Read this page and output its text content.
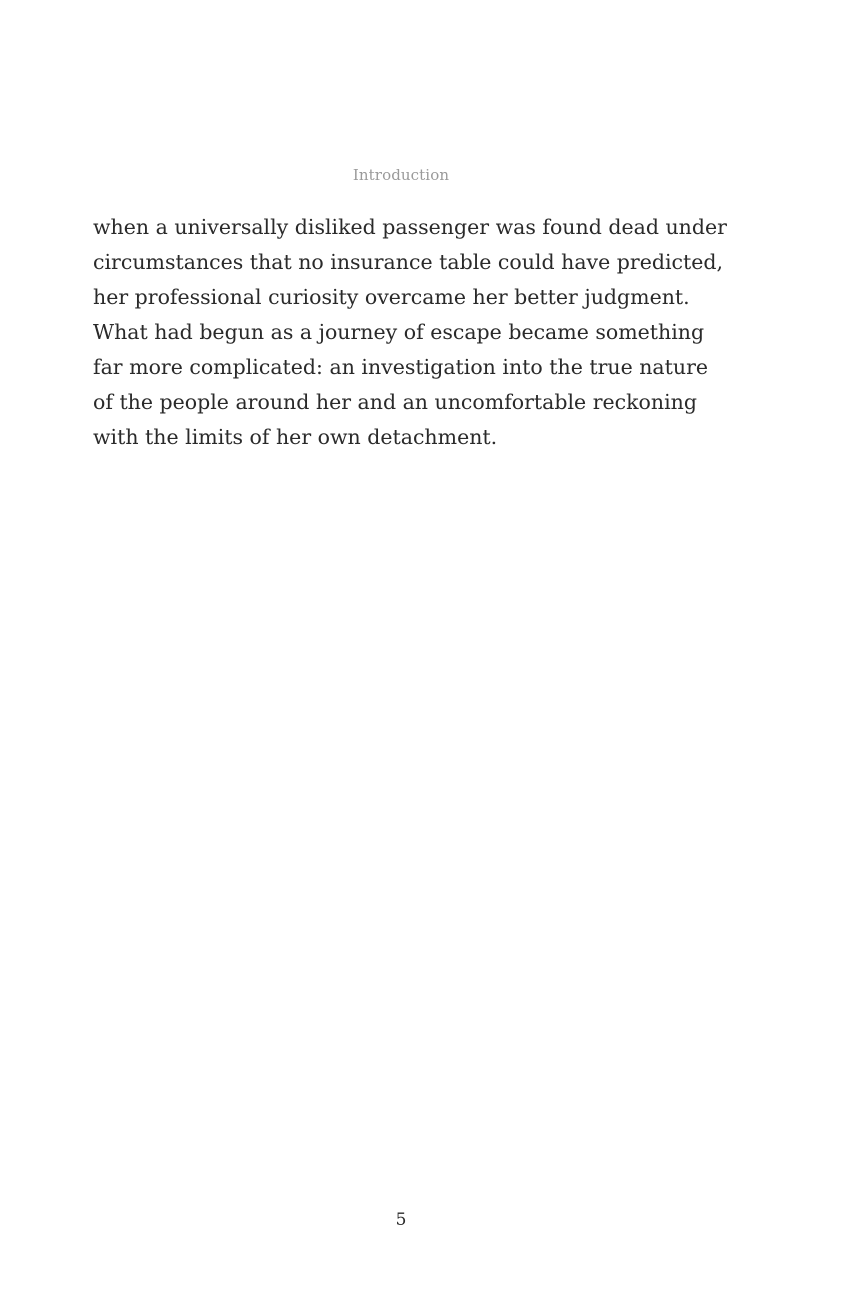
Introduction

when a universally disliked passenger was found dead under
circumstances that no insurance table could have predicted,
her professional curiosity overcame her better judgment.
What had begun as a journey of escape became something
far more complicated: an investigation into the true nature
of the people around her and an uncomfortable reckoning
with the limits of her own detachment.

5
